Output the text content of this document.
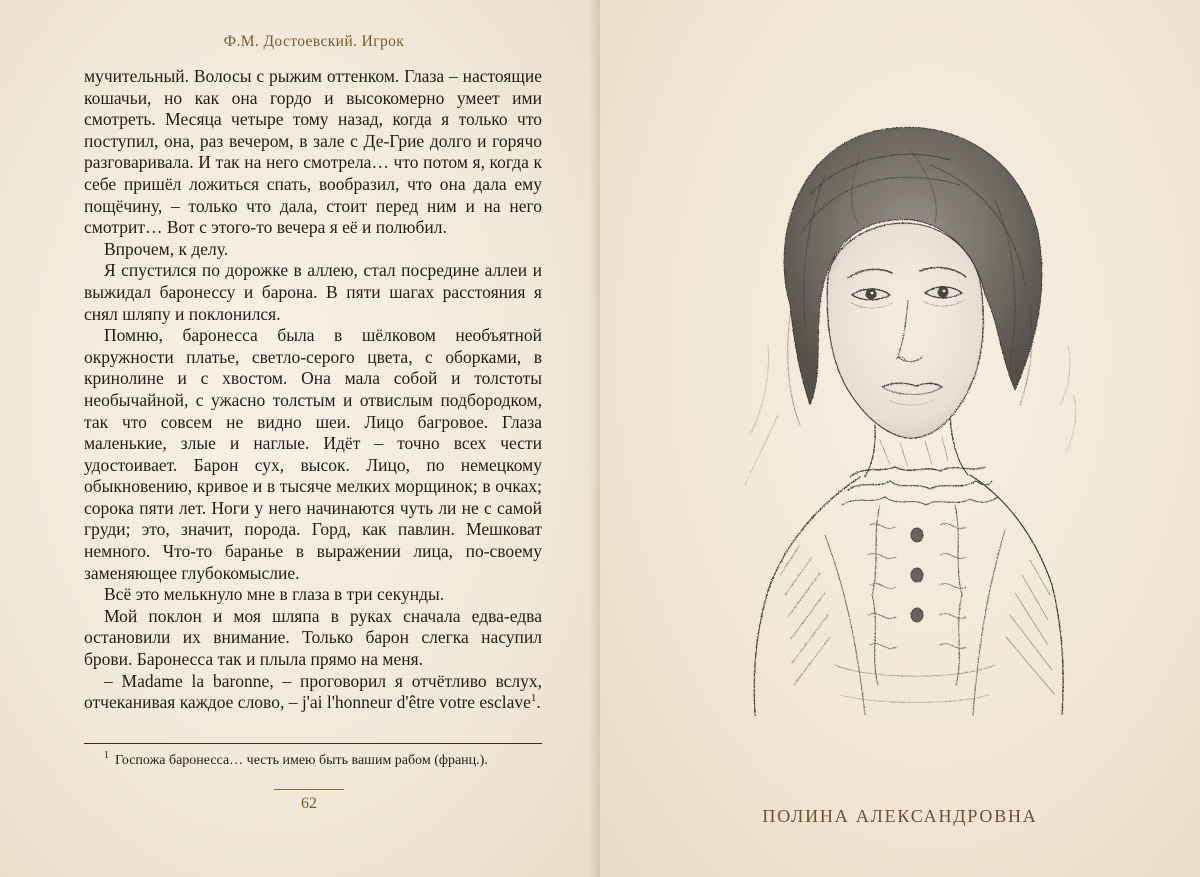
Ф.М. Достоевский. Игрок

мучительный. Волосы с рыжим оттенком. Глаза – настоящие кошачьи, но как она гордо и высокомерно умеет ими смотреть. Месяца четыре тому назад, когда я только что поступил, она, раз вечером, в зале с Де-Грие долго и горячо разговаривала. И так на него смотрела… что потом я, когда к себе пришёл ложиться спать, вообразил, что она дала ему пощёчину, – только что дала, стоит перед ним и на него смотрит… Вот с этого-то вечера я её и полюбил.

Впрочем, к делу.

Я спустился по дорожке в аллею, стал посредине аллеи и выжидал баронессу и барона. В пяти шагах расстояния я снял шляпу и поклонился.

Помню, баронесса была в шёлковом необъятной окружности платье, светло-серого цвета, с оборками, в кринолине и с хвостом. Она мала собой и толстоты необычайной, с ужасно толстым и отвислым подбородком, так что совсем не видно шеи. Лицо багровое. Глаза маленькие, злые и наглые. Идёт – точно всех чести удостоивает. Барон сух, высок. Лицо, по немецкому обыкновению, кривое и в тысяче мелких морщинок; в очках; сорока пяти лет. Ноги у него начинаются чуть ли не с самой груди; это, значит, порода. Горд, как павлин. Мешковат немного. Что-то баранье в выражении лица, по-своему заменяющее глубокомыслие.

Всё это мелькнуло мне в глаза в три секунды.

Мой поклон и моя шляпа в руках сначала едва-едва остановили их внимание. Только барон слегка насупил брови. Баронесса так и плыла прямо на меня.

– Madame la baronne, – проговорил я отчётливо вслух, отчеканивая каждое слово, – j'ai l'honneur d'être votre esclave$^1$.

$^1$ Госпожа баронесса… честь имею быть вашим рабом (франц.).
62
ПОЛИНА АЛЕКСАНДРОВНА
